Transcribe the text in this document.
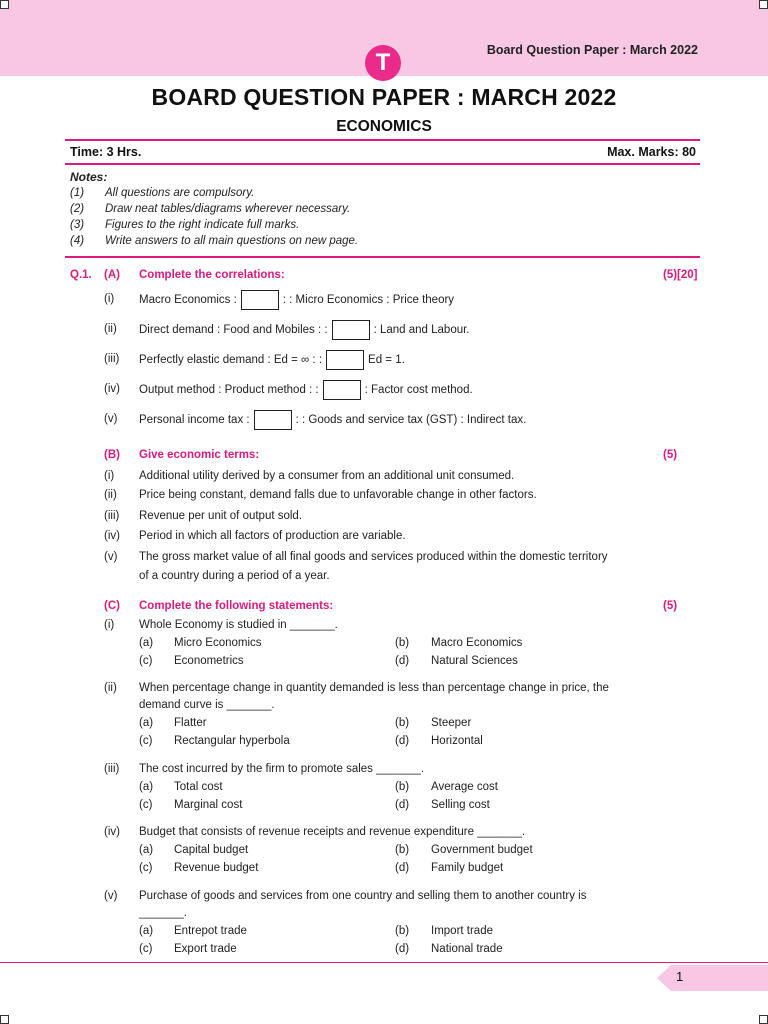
T	Board Question Paper : March 2022
BOARD QUESTION PAPER : MARCH 2022
ECONOMICS
Time: 3 Hrs.	Max. Marks: 80
Notes:
(1) All questions are compulsory.
(2) Draw neat tables/diagrams wherever necessary.
(3) Figures to the right indicate full marks.
(4) Write answers to all main questions on new page.
Q.1. (A) Complete the correlations:	(5)[20]
(i) Macro Economics :	: : Micro Economics : Price theory
(ii) Direct demand : Food and Mobiles : :	: Land and Labour.
(iii) Perfectly elastic demand : Ed = ∞ : :	Ed = 1.
(iv) Output method : Product method : :	: Factor cost method.
(v) Personal income tax :	: : Goods and service tax (GST) : Indirect tax.
(B) Give economic terms:	(5)
(i) Additional utility derived by a consumer from an additional unit consumed.
(ii) Price being constant, demand falls due to unfavorable change in other factors.
(iii) Revenue per unit of output sold.
(iv) Period in which all factors of production are variable.
(v) The gross market value of all final goods and services produced within the domestic territory
of a country during a period of a year.
(C) Complete the following statements:	(5)
(i) Whole Economy is studied in _______.
(a) Micro Economics	(b) Macro Economics
(c) Econometrics	(d) Natural Sciences
(ii) When percentage change in quantity demanded is less than percentage change in price, the
demand curve is _______.
(a) Flatter	(b) Steeper
(c) Rectangular hyperbola	(d) Horizontal
(iii) The cost incurred by the firm to promote sales _______.
(a) Total cost	(b) Average cost
(c) Marginal cost	(d) Selling cost
(iv) Budget that consists of revenue receipts and revenue expenditure _______.
(a) Capital budget	(b) Government budget
(c) Revenue budget	(d) Family budget
(v) Purchase of goods and services from one country and selling them to another country is
_______.
(a) Entrepot trade	(b) Import trade
(c) Export trade	(d) National trade
1
